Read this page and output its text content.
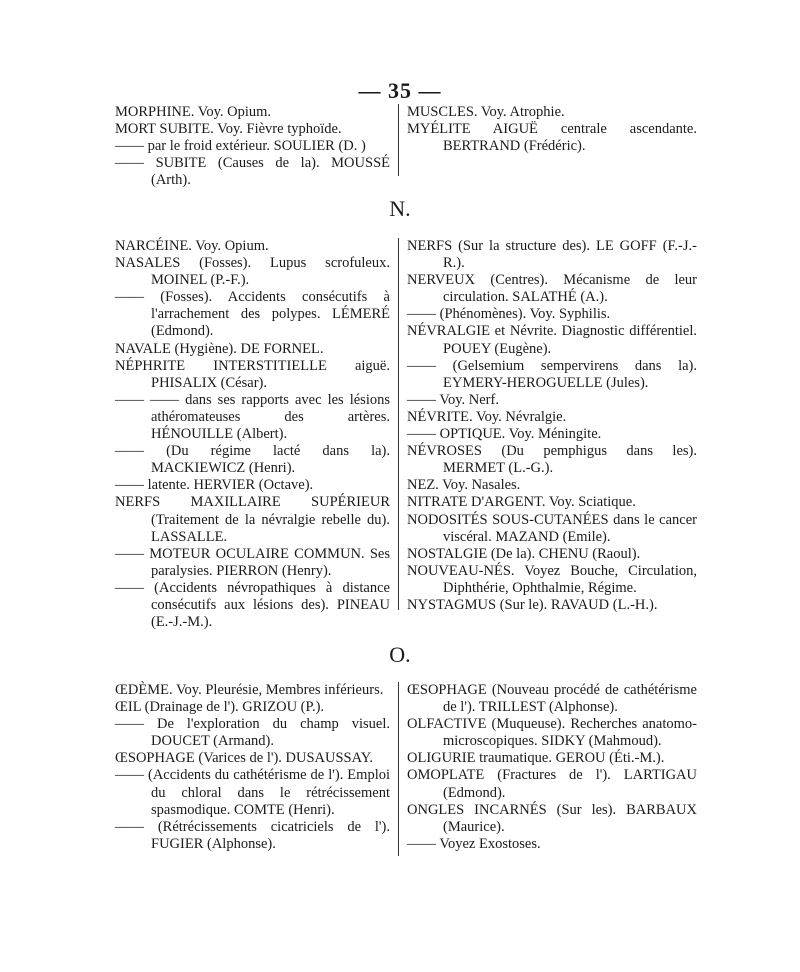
— 35 —

MORPHINE. Voy. Opium.

MORT SUBITE. Voy. Fièvre typhoïde.

—— par le froid extérieur. SOULIER (D. )

—— SUBITE (Causes de la). MOUSSÉ (Arth).

MUSCLES. Voy. Atrophie.

MYÉLITE AIGUË centrale ascendante. BERTRAND (Frédéric).

N.

NARCÉINE. Voy. Opium.

NASALES (Fosses). Lupus scrofuleux. MOINEL (P.-F.).

—— (Fosses). Accidents consécutifs à l'arrachement des polypes. LÉMERÉ (Edmond).

NAVALE (Hygiène). DE FORNEL.

NÉPHRITE INTERSTITIELLE aiguë. PHISALIX (César).

—— —— dans ses rapports avec les lésions athéromateuses des artères. HÉNOUILLE (Albert).

—— (Du régime lacté dans la). MACKIEWICZ (Henri).

—— latente. HERVIER (Octave).

NERFS MAXILLAIRE SUPÉRIEUR (Traitement de la névralgie rebelle du). LASSALLE.

—— MOTEUR OCULAIRE COMMUN. Ses paralysies. PIERRON (Henry).

—— (Accidents névropathiques à distance consécutifs aux lésions des). PINEAU (E.-J.-M.).

NERFS (Sur la structure des). LE GOFF (F.-J.-R.).

NERVEUX (Centres). Mécanisme de leur circulation. SALATHÉ (A.).

—— (Phénomènes). Voy. Syphilis.

NÉVRALGIE et Névrite. Diagnostic différentiel. POUEY (Eugène).

—— (Gelsemium sempervirens dans la). EYMERY-HEROGUELLE (Jules).

—— Voy. Nerf.

NÉVRITE. Voy. Névralgie.

—— OPTIQUE. Voy. Méningite.

NÉVROSES (Du pemphigus dans les). MERMET (L.-G.).

NEZ. Voy. Nasales.

NITRATE D'ARGENT. Voy. Sciatique.

NODOSITÉS SOUS-CUTANÉES dans le cancer viscéral. MAZAND (Emile).

NOSTALGIE (De la). CHENU (Raoul).

NOUVEAU-NÉS. Voyez Bouche, Circulation, Diphthérie, Ophthalmie, Régime.

NYSTAGMUS (Sur le). RAVAUD (L.-H.).

O.

ŒDÈME. Voy. Pleurésie, Membres inférieurs.

ŒIL (Drainage de l'). GRIZOU (P.).

—— De l'exploration du champ visuel. DOUCET (Armand).

ŒSOPHAGE (Varices de l'). DUSAUSSAY.

—— (Accidents du cathétérisme de l'). Emploi du chloral dans le rétrécissement spasmodique. COMTE (Henri).

—— (Rétrécissements cicatriciels de l'). FUGIER (Alphonse).

ŒSOPHAGE (Nouveau procédé de cathétérisme de l'). TRILLEST (Alphonse).

OLFACTIVE (Muqueuse). Recherches anatomo-microscopiques. SIDKY (Mahmoud).

OLIGURIE traumatique. GEROU (Éti.-M.).

OMOPLATE (Fractures de l'). LARTIGAU (Edmond).

ONGLES INCARNÉS (Sur les). BARBAUX (Maurice).

—— Voyez Exostoses.
